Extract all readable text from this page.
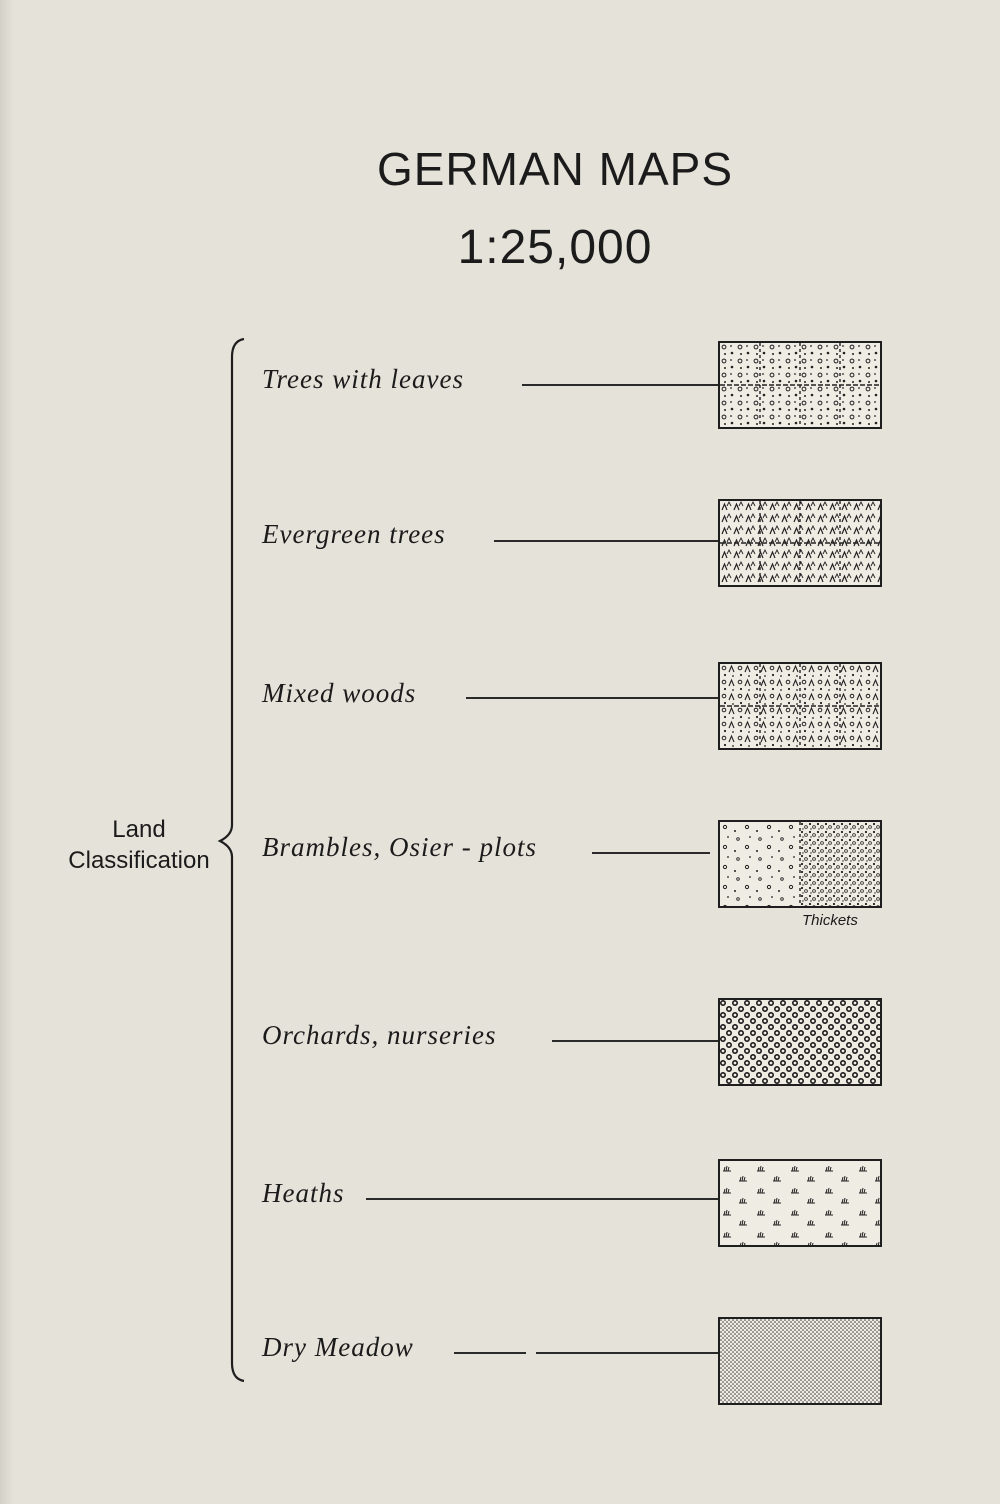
GERMAN MAPS
1:25,000
Land
Classification
Trees with leaves
Evergreen trees
Mixed woods
Brambles, Osier - plots
Thickets
Orchards, nurseries
Heaths
Dry Meadow
